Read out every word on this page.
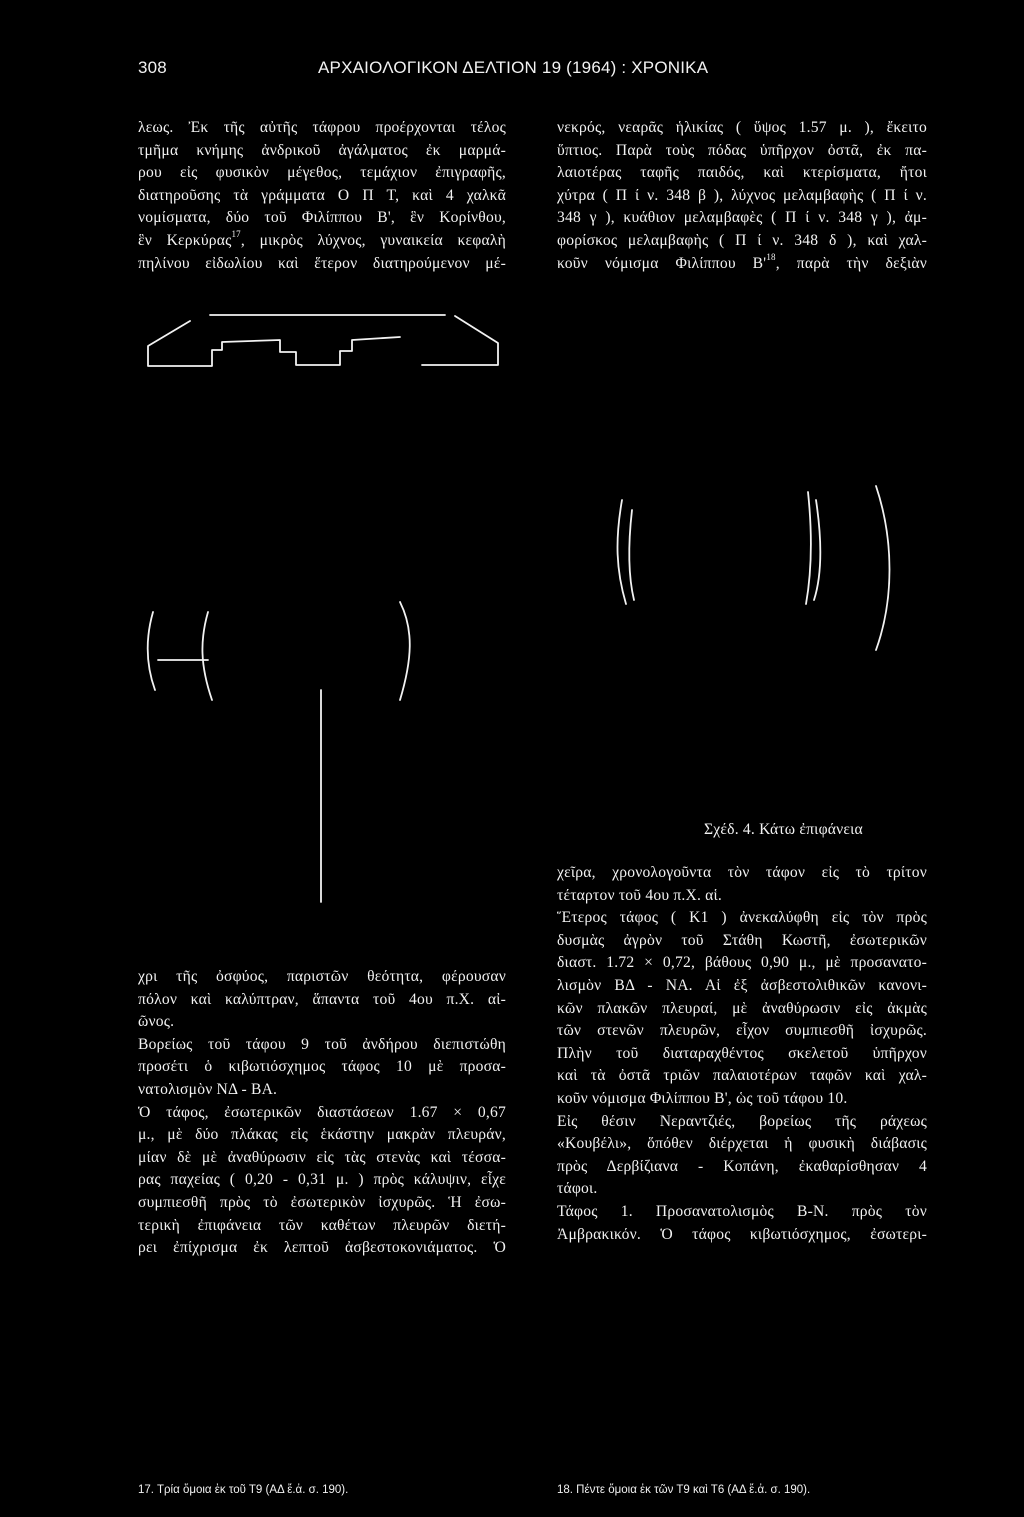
308	ΑΡΧΑΙΟΛΟΓΙΚΟΝ ΔΕΛΤΙΟΝ 19 (1964) : ΧΡΟΝΙΚΑ
λεως. Ἐκ τῆς αὐτῆς τάφρου προέρχονται τέλος
τμῆμα κνήμης ἀνδρικοῦ ἀγάλματος ἐκ μαρμά-
ρου εἰς φυσικὸν μέγεθος, τεμάχιον ἐπιγραφῆς,
διατηροῦσης τὰ γράμματα Ο Π Τ, καὶ 4 χαλκᾶ
νομίσματα, δύο τοῦ Φιλίππου Β', ἓν Κορίνθου,
ἓν Κερκύρας$^{17}$, μικρὸς λύχνος, γυναικεία κεφαλὴ
πηλίνου εἰδωλίου καὶ ἕτερον διατηρούμενον μέ-
νεκρός, νεαρᾶς ἡλικίας ( ὕψος 1.57 μ. ), ἔκειτο
ὕπτιος. Παρὰ τοὺς πόδας ὑπῆρχον ὀστᾶ, ἐκ πα-
λαιοτέρας ταφῆς παιδός, καὶ κτερίσματα, ἤτοι
χύτρα ( Π ί ν. 348 β ), λύχνος μελαμβαφὴς ( Π ί ν.
348 γ ), κυάθιον μελαμβαφὲς ( Π ί ν. 348 γ ), ἀμ-
φορίσκος μελαμβαφὴς ( Π ί ν. 348 δ ), καὶ χαλ-
κοῦν νόμισμα Φιλίππου $B'^{18}$, παρὰ τὴν δεξιὰν
Σχέδ. 4. Κάτω ἐπιφάνεια
χρι τῆς ὀσφύος, παριστῶν θεότητα, φέρουσαν
πόλον καὶ καλύπτραν, ἅπαντα τοῦ 4ου π.Χ. αἰ-
ῶνος.
Βορείως τοῦ τάφου 9 τοῦ ἀνδήρου διεπιστώθη
προσέτι ὁ κιβωτιόσχημος τάφος 10 μὲ προσα-
νατολισμὸν ΝΔ - ΒΑ.
Ὁ τάφος, ἐσωτερικῶν διαστάσεων 1.67 × 0,67
μ., μὲ δύο πλάκας εἰς ἑκάστην μακρὰν πλευράν,
μίαν δὲ μὲ ἀναθύρωσιν εἰς τὰς στενὰς καὶ τέσσα-
ρας παχείας ( 0,20 - 0,31 μ. ) πρὸς κάλυψιν, εἶχε
συμπιεσθῆ πρὸς τὸ ἐσωτερικὸν ἰσχυρῶς. Ἡ ἐσω-
τερικὴ ἐπιφάνεια τῶν καθέτων πλευρῶν διετή-
ρει ἐπίχρισμα ἐκ λεπτοῦ ἀσβεστοκονιάματος. Ὁ
χεῖρα, χρονολογοῦντα τὸν τάφον εἰς τὸ τρίτον
τέταρτον τοῦ 4ου π.Χ. αἱ.
Ἕτερος τάφος ( Κ1 ) ἀνεκαλύφθη εἰς τὸν πρὸς
δυσμὰς ἀγρὸν τοῦ Στάθη Κωστῆ, ἐσωτερικῶν
διαστ. 1.72 × 0,72, βάθους 0,90 μ., μὲ προσανατο-
λισμὸν ΒΔ - ΝΑ. Αἱ ἐξ ἀσβεστολιθικῶν κανονι-
κῶν πλακῶν πλευραί, μὲ ἀναθύρωσιν εἰς ἀκμὰς
τῶν στενῶν πλευρῶν, εἶχον συμπιεσθῆ ἰσχυρῶς.
Πλὴν τοῦ διαταραχθέντος σκελετοῦ ὑπῆρχον
καὶ τὰ ὀστᾶ τριῶν παλαιοτέρων ταφῶν καὶ χαλ-
κοῦν νόμισμα Φιλίππου Β', ὡς τοῦ τάφου 10.
Εἰς θέσιν Νεραντζιές, βορείως τῆς ράχεως
«Κουβέλι», ὅπόθεν διέρχεται ἡ φυσικὴ διάβασις
πρὸς Δερβίζιανα - Κοπάνη, ἐκαθαρίσθησαν 4
τάφοι.
Τάφος 1. Προσανατολισμὸς Β-Ν. πρὸς τὸν
Ἀμβρακικόν. Ὁ τάφος κιβωτιόσχημος, ἐσωτερι-
17. Τρία ὅμοια ἐκ τοῦ Τ9 (ΑΔ ἔ.ἀ. σ. 190).	18. Πέντε ὅμοια ἐκ τῶν Τ9 καὶ Τ6 (ΑΔ ἔ.ἀ. σ. 190).
